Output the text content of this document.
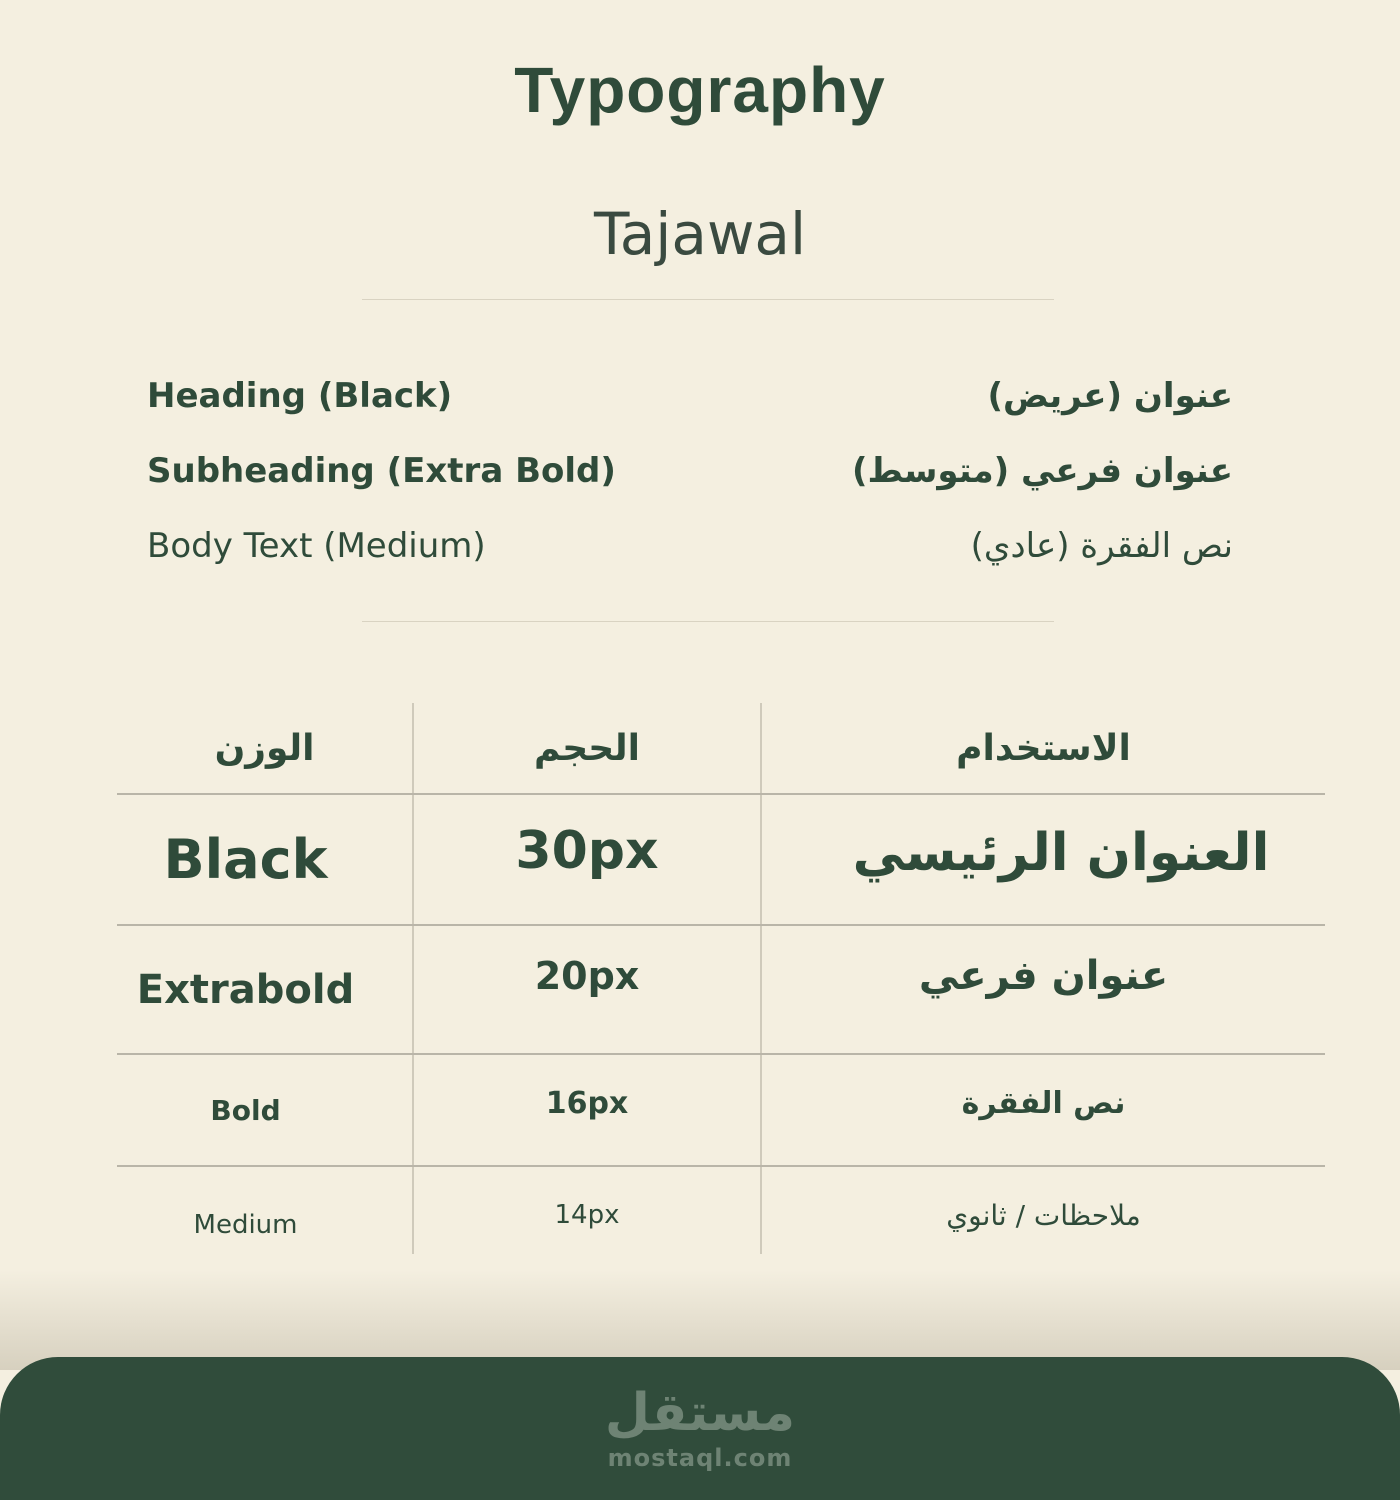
Typography
Tajawal
Heading (Black)	عنوان (عريض)
Subheading (Extra Bold)	عنوان فرعي (متوسط)
Body Text (Medium)	نص الفقرة (عادي)
الوزن	الحجم	الاستخدام
Black	30px	العنوان الرئيسي
Extrabold	20px	عنوان فرعي
Bold	16px	نص الفقرة
Medium	14px	ملاحظات / ثانوي
مستقل
mostaql.com
